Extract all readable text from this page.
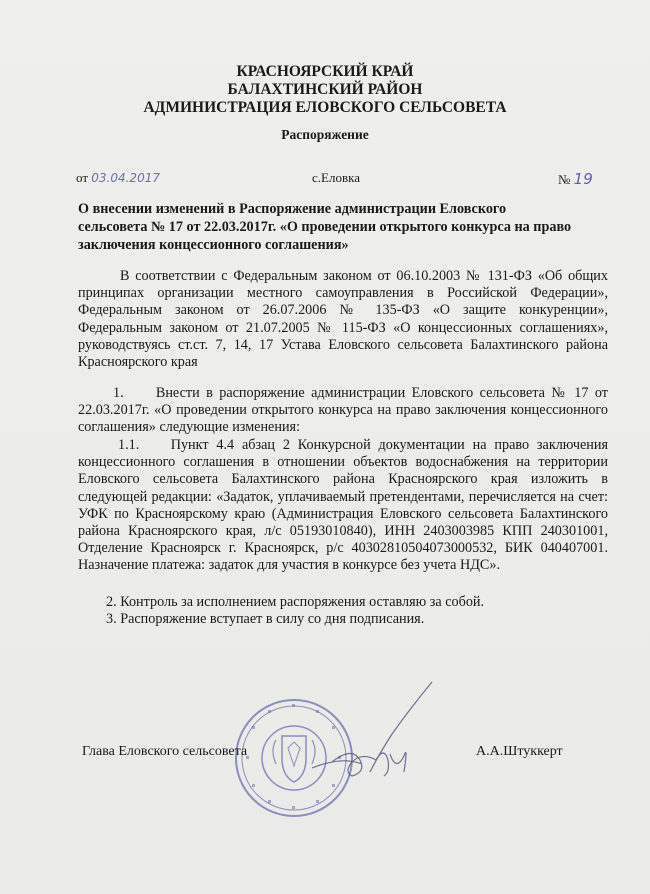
КРАСНОЯРСКИЙ КРАЙ
БАЛАХТИНСКИЙ РАЙОН
АДМИНИСТРАЦИЯ ЕЛОВСКОГО СЕЛЬСОВЕТА
Распоряжение
от 03.04.2017	с.Еловка	№ 19
О внесении изменений в Распоряжение администрации Еловского сельсовета № 17 от 22.03.2017г. «О проведении открытого конкурса на право заключения концессионного соглашения»
В соответствии с Федеральным законом от 06.10.2003 № 131-ФЗ «Об общих принципах организации местного самоуправления в Российской Федерации», Федеральным законом от 26.07.2006 № 135-ФЗ «О защите конкуренции», Федеральным законом от 21.07.2005 № 115-ФЗ «О концессионных соглашениях», руководствуясь ст.ст. 7, 14, 17 Устава Еловского сельсовета Балахтинского района Красноярского края
1. Внести в распоряжение администрации Еловского сельсовета № 17 от 22.03.2017г. «О проведении открытого конкурса на право заключения концессионного соглашения» следующие изменения:
1.1. Пункт 4.4 абзац 2 Конкурсной документации на право заключения концессионного соглашения в отношении объектов водоснабжения на территории Еловского сельсовета Балахтинского района Красноярского края изложить в следующей редакции: «Задаток, уплачиваемый претендентами, перечисляется на счет: УФК по Красноярскому краю (Администрация Еловского сельсовета Балахтинского района Красноярского края, л/с 05193010840), ИНН 2403003985 КПП 240301001, Отделение Красноярск г. Красноярск, р/с 40302810504073000532, БИК 040407001. Назначение платежа: задаток для участия в конкурсе без учета НДС».
2. Контроль за исполнением распоряжения оставляю за собой.
3. Распоряжение вступает в силу со дня подписания.
Глава Еловского сельсовета	А.А.Штуккерт
